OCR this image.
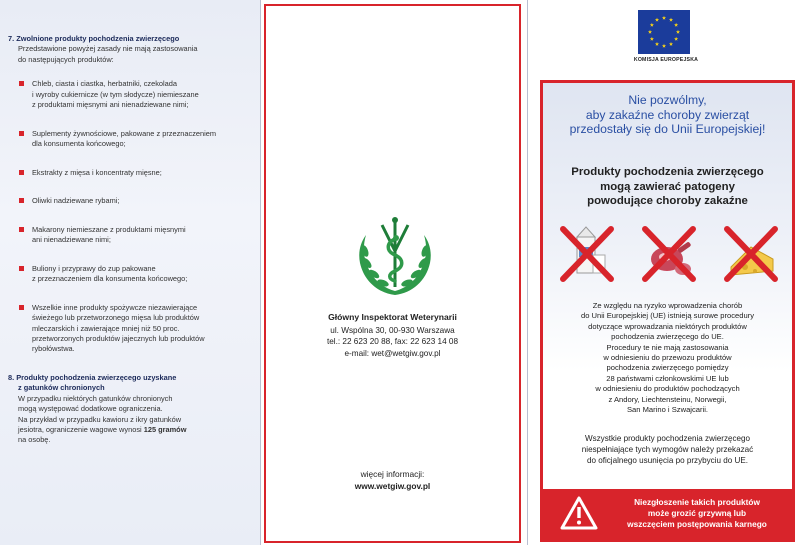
7. Zwolnione produkty pochodzenia zwierzęcego
Przedstawione powyżej zasady nie mają zastosowania
do następujących produktów:
Chleb, ciasta i ciastka, herbatniki, czekolada
i wyroby cukiernicze (w tym słodycze) niemieszane
z produktami mięsnymi ani nienadziewane nimi;
Suplementy żywnościowe, pakowane z przeznaczeniem
dla konsumenta końcowego;
Ekstrakty z mięsa i koncentraty mięsne;
Oliwki nadziewane rybami;
Makarony niemieszane z produktami mięsnymi
ani nienadziewane nimi;
Buliony i przyprawy do zup pakowane
z przeznaczeniem dla konsumenta końcowego;
Wszelkie inne produkty spożywcze niezawierające
świeżego lub przetworzonego mięsa lub produktów
mleczarskich i zawierające mniej niż 50 proc.
przetworzonych produktów jajecznych lub produktów
rybołówstwa.
8. Produkty pochodzenia zwierzęcego uzyskane
z gatunków chronionych
W przypadku niektórych gatunków chronionych
mogą występować dodatkowe ograniczenia.
Na przykład w przypadku kawioru z ikry gatunków
jesiotra, ograniczenie wagowe wynosi 125 gramów
na osobę.
Główny Inspektorat Weterynarii
ul. Wspólna 30, 00-930 Warszawa
tel.: 22 623 20 88, fax: 22 623 14 08
e-mail: wet@wetgiw.gov.pl
więcej informacji:
www.wetgiw.gov.pl
KOMISJA EUROPEJSKA
Nie pozwólmy,
aby zakaźne choroby zwierząt
przedostały się do Unii Europejskiej!
Produkty pochodzenia zwierzęcego
mogą zawierać patogeny
powodujące choroby zakaźne
Ze względu na ryzyko wprowadzenia chorób
do Unii Europejskiej (UE) istnieją surowe procedury
dotyczące wprowadzania niektórych produktów
pochodzenia zwierzęcego do UE.
Procedury te nie mają zastosowania
w odniesieniu do przewozu produktów
pochodzenia zwierzęcego pomiędzy
28 państwami członkowskimi UE lub
w odniesieniu do produktów pochodzących
z Andory, Liechtensteinu, Norwegii,
San Marino i Szwajcarii.
Wszystkie produkty pochodzenia zwierzęcego
niespełniające tych wymogów należy przekazać
do oficjalnego usunięcia po przybyciu do UE.
Niezgłoszenie takich produktów
może grozić grzywną lub
wszczęciem postępowania karnego
